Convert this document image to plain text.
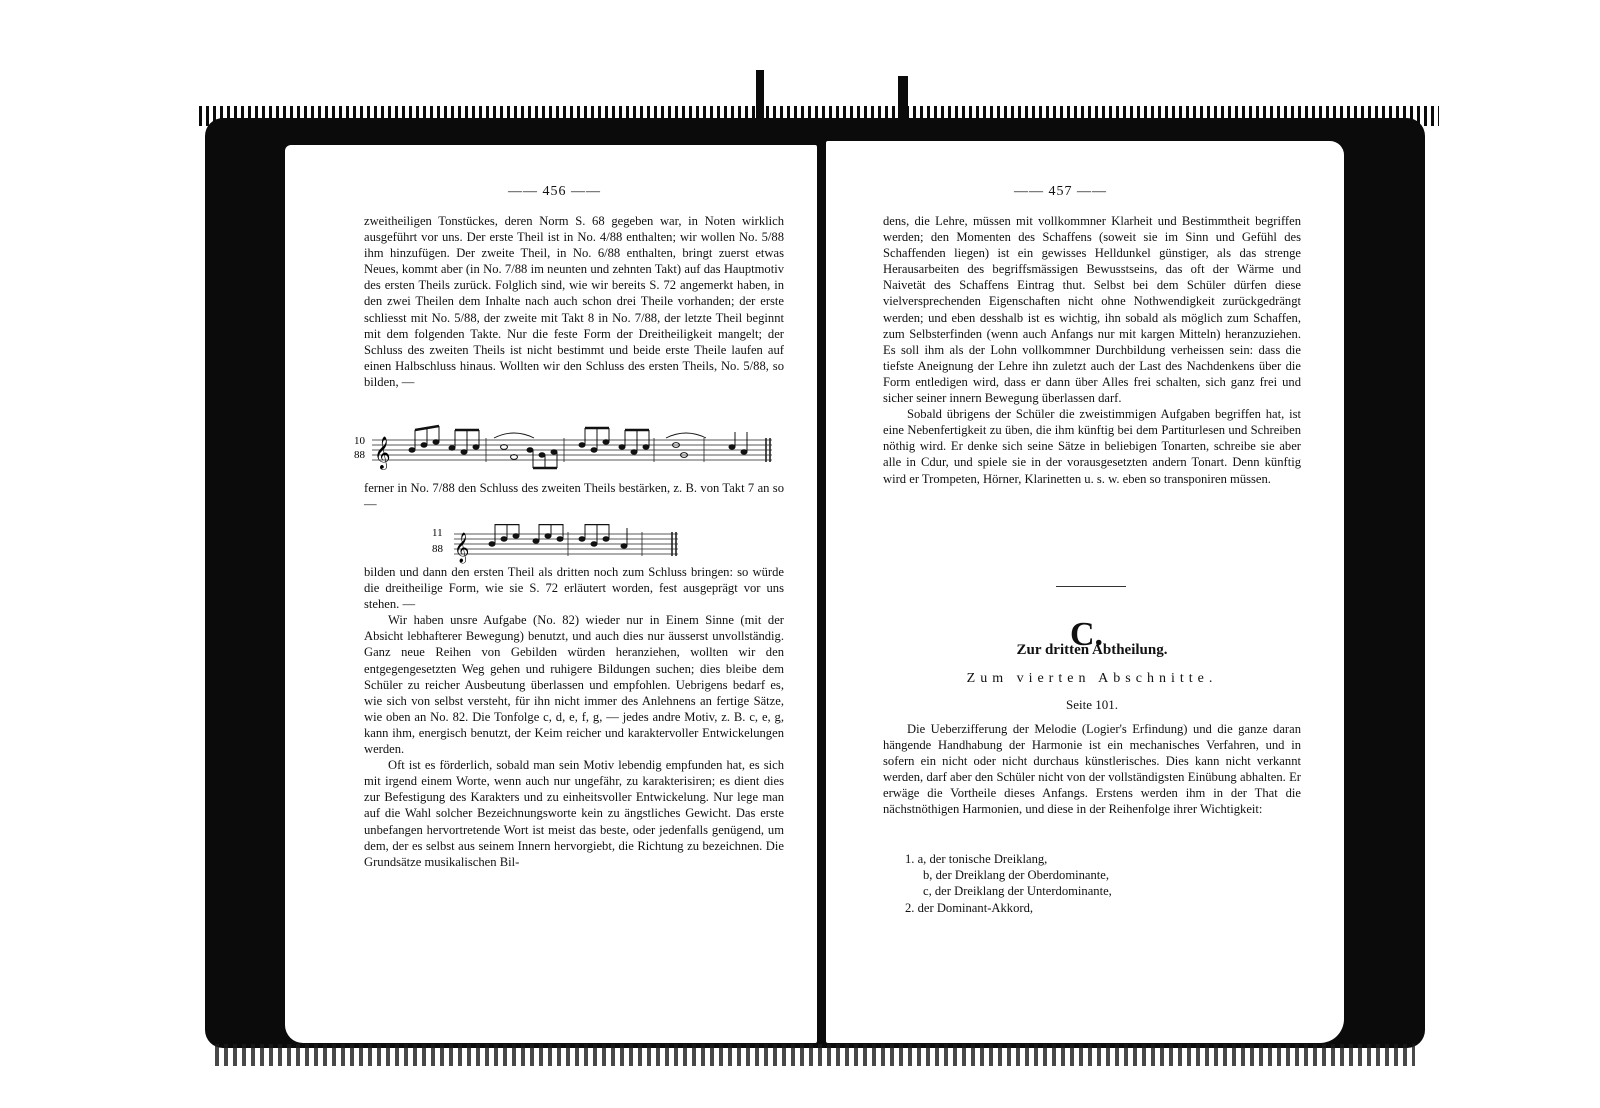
—— 456 ——

zweitheiligen Tonstückes, deren Norm S. 68 gegeben war, in Noten wirklich ausgeführt vor uns. Der erste Theil ist in No. 4/88 enthalten; wir wollen No. 5/88 ihm hinzufügen. Der zweite Theil, in No. 6/88 enthalten, bringt zuerst etwas Neues, kommt aber (in No. 7/88 im neunten und zehnten Takt) auf das Hauptmotiv des ersten Theils zurück. Folglich sind, wie wir bereits S. 72 angemerkt haben, in den zwei Theilen dem Inhalte nach auch schon drei Theile vorhanden; der erste schliesst mit No. 5/88, der zweite mit Takt 8 in No. 7/88, der letzte Theil beginnt mit dem folgenden Takte. Nur die feste Form der Dreitheiligkeit mangelt; der Schluss des zweiten Theils ist nicht bestimmt und beide erste Theile laufen auf einen Halbschluss hinaus. Wollten wir den Schluss des ersten Theils, No. 5/88, so bilden, —

10
88 𝄞

ferner in No. 7/88 den Schluss des zweiten Theils bestärken, z. B. von Takt 7 an so —

11
88 𝄞

bilden und dann den ersten Theil als dritten noch zum Schluss bringen: so würde die dreitheilige Form, wie sie S. 72 erläutert worden, fest ausgeprägt vor uns stehen. —

Wir haben unsre Aufgabe (No. 82) wieder nur in Einem Sinne (mit der Absicht lebhafterer Bewegung) benutzt, und auch dies nur äusserst unvollständig. Ganz neue Reihen von Gebilden würden heranziehen, wollten wir den entgegengesetzten Weg gehen und ruhigere Bildungen suchen; dies bleibe dem Schüler zu reicher Ausbeutung überlassen und empfohlen. Uebrigens bedarf es, wie sich von selbst versteht, für ihn nicht immer des Anlehnens an fertige Sätze, wie oben an No. 82. Die Tonfolge c, d, e, f, g, — jedes andre Motiv, z. B. c, e, g, kann ihm, energisch benutzt, der Keim reicher und karaktervoller Entwickelungen werden.

Oft ist es förderlich, sobald man sein Motiv lebendig empfunden hat, es sich mit irgend einem Worte, wenn auch nur ungefähr, zu karakterisiren; es dient dies zur Befestigung des Karakters und zu einheitsvoller Entwickelung. Nur lege man auf die Wahl solcher Bezeichnungsworte kein zu ängstliches Gewicht. Das erste unbefangen hervortretende Wort ist meist das beste, oder jedenfalls genügend, um dem, der es selbst aus seinem Innern hervorgiebt, die Richtung zu bezeichnen. Die Grundsätze musikalischen Bil-

—— 457 ——

dens, die Lehre, müssen mit vollkommner Klarheit und Bestimmtheit begriffen werden; den Momenten des Schaffens (soweit sie im Sinn und Gefühl des Schaffenden liegen) ist ein gewisses Helldunkel günstiger, als das strenge Herausarbeiten des begriffsmässigen Bewusstseins, das oft der Wärme und Naivetät des Schaffens Eintrag thut. Selbst bei dem Schüler dürfen diese vielversprechenden Eigenschaften nicht ohne Nothwendigkeit zurückgedrängt werden; und eben desshalb ist es wichtig, ihn sobald als möglich zum Schaffen, zum Selbsterfinden (wenn auch Anfangs nur mit kargen Mitteln) heranzuziehen. Es soll ihm als der Lohn vollkommner Durchbildung verheissen sein: dass die tiefste Aneignung der Lehre ihn zuletzt auch der Last des Nachdenkens über die Form entledigen wird, dass er dann über Alles frei schalten, sich ganz frei und sicher seiner innern Bewegung überlassen darf.

Sobald übrigens der Schüler die zweistimmigen Aufgaben begriffen hat, ist eine Nebenfertigkeit zu üben, die ihm künftig bei dem Partiturlesen und Schreiben nöthig wird. Er denke sich seine Sätze in beliebigen Tonarten, schreibe sie aber alle in Cdur, und spiele sie in der vorausgesetzten andern Tonart. Denn künftig wird er Trompeten, Hörner, Klarinetten u. s. w. eben so transponiren müssen.

C.
Zur dritten Abtheilung.
Zum vierten Abschnitte.
Seite 101.

Die Ueberzifferung der Melodie (Logier's Erfindung) und die ganze daran hängende Handhabung der Harmonie ist ein mechanisches Verfahren, und in sofern ein nicht oder nicht durchaus künstlerisches. Dies kann nicht verkannt werden, darf aber den Schüler nicht von der vollständigsten Einübung abhalten. Er erwäge die Vortheile dieses Anfangs. Erstens werden ihm in der That die nächstnöthigen Harmonien, und diese in der Reihenfolge ihrer Wichtigkeit:

1. a, der tonische Dreiklang,
b, der Dreiklang der Oberdominante,
c, der Dreiklang der Unterdominante,
2. der Dominant-Akkord,
